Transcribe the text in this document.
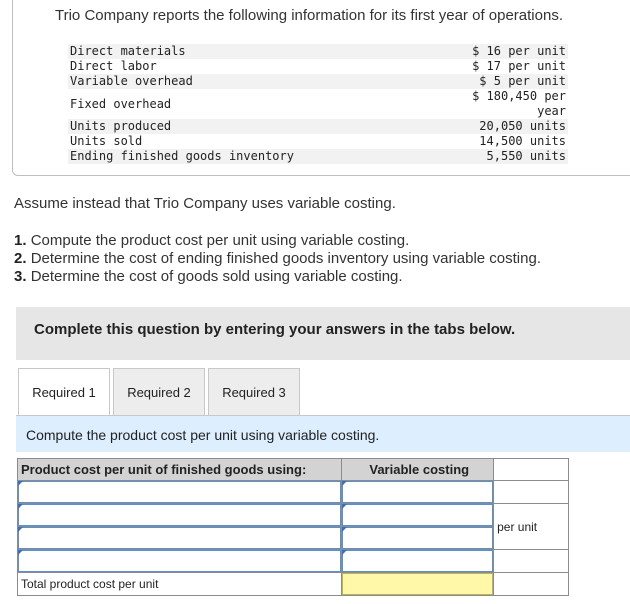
Trio Company reports the following information for its first year of operations.
Direct materials	$ 16 per unit
Direct labor	$ 17 per unit
Variable overhead	$ 5 per unit
Fixed overhead	$ 180,450 per year
Units produced	20,050 units
Units sold	14,500 units
Ending finished goods inventory	5,550 units
Assume instead that Trio Company uses variable costing.
1. Compute the product cost per unit using variable costing.
2. Determine the cost of ending finished goods inventory using variable costing.
3. Determine the cost of goods sold using variable costing.
Complete this question by entering your answers in the tabs below.
Required 1	Required 2	Required 3
Compute the product cost per unit using variable costing.
Product cost per unit of finished goods using:	Variable costing	

	per unit

Total product cost per unit	
